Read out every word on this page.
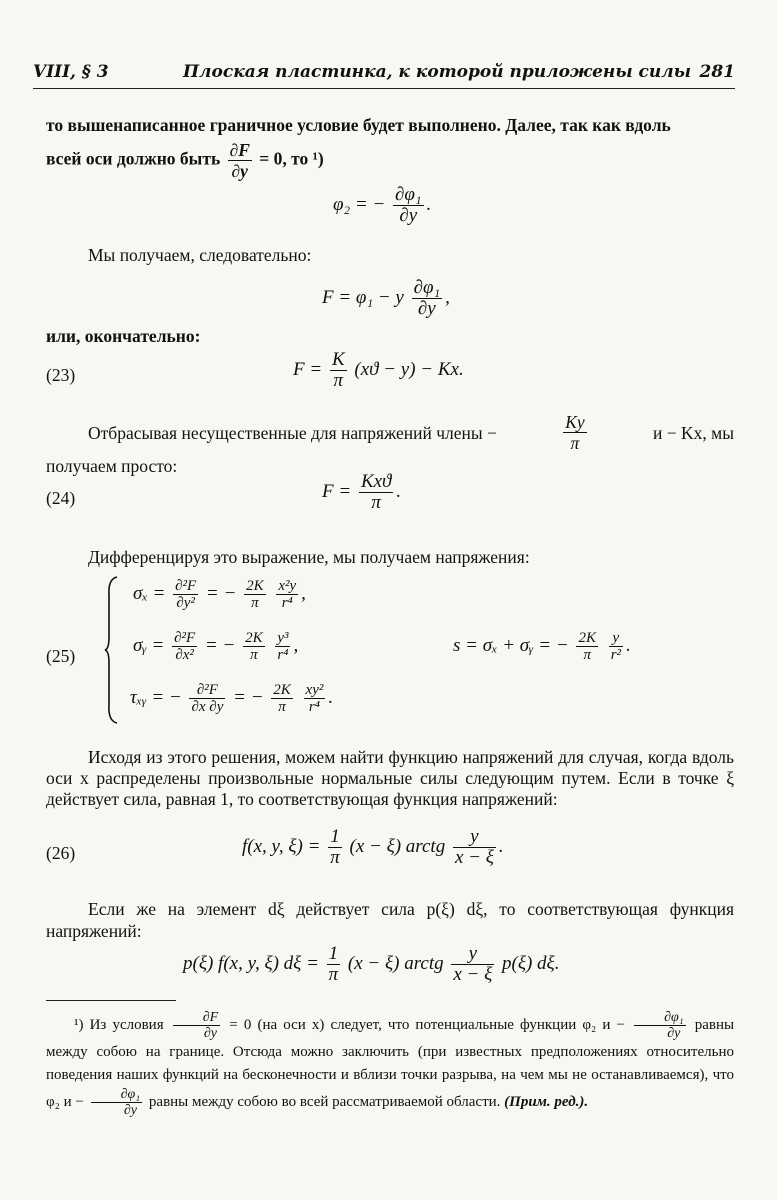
VIII, § 3	Плоская пластинка, к которой приложены силы 281
то вышенаписанное граничное условие будет выполнено. Далее, так как вдоль
всей оси должно быть $\frac{\partial F}{\partial y} = 0$, то ¹)
φ₂ = − $\frac{\text{∂φ₁}}{\partial y}$ .
Мы получаем, следовательно:
F = φ₁ − y $\frac{\text{∂φ₁}}{\partial y}$ ,
или, окончательно:
(23)	$F = \frac{K}{\pi} (xϑ - y) - Kx$.
Отбрасывая несущественные для напряжений члены −	$\frac{Ky}{\pi}$	и − Kx, мы
получаем просто:
(24)	$F = \frac{\text{Kxϑ}}{\pi}$ .
Дифференцируя это выражение, мы получаем напряжения:
(25)
$\sigma_x = \frac{\text{∂²F}}{\text{∂y²}}$ = − $\frac{2K}{\pi}$
$\frac{\text{x²y}}{\text{r⁴}}$ ,
σᵧ = $\frac{\text{∂²F}}{\text{∂x²}}$ = − $\frac{2K}{\pi}$
$\frac{\text{y³}}{\text{r⁴}}$ ,
τₓᵧ = − $\frac{\text{∂²F}}{\partial x \partial y}$ = − $\frac{2K}{\pi}$
$\frac{\text{xy²}}{\text{r⁴}}$ .
s = σₓ + σᵧ = − $\frac{2K}{\pi}$
$\frac{y}{\text{r²}}$ .
Исходя из этого решения, можем найти функцию напряжений для случая, когда вдоль оси x распределены произвольные нормальные силы следующим путем. Если в точке ξ действует сила, равная 1, то соответствующая функция напряжений:
(26)	f(x, y, $\xi) = \frac{1}{\pi} (x - \xi)$ arctg $\frac{y}{x - \xi}$ .
Если же на элемент dξ действует сила p(ξ) dξ, то соответствующая функция напряжений:
p(ξ) f(x, y, ξ) $d\xi = \frac{1}{\pi} (x - \xi)$ arctg $\frac{y}{x - \xi} p(\xi)$ dξ.
¹) Из условия $\frac{\partial F}{\partial y} = 0$ (на оси x) следует, что потенциальные функции φ₂ $и - \frac{\text{∂φ₁}}{\partial y}$ равны между собою на границе. Отсюда можно заключить (при известных предположениях относительно поведения наших функций на бесконечности и вблизи точки разрыва, на чем мы не останавливаемся), что φ₂ $и - \frac{\text{∂φ₁}}{\partial y}$ равны между собою во всей рассматриваемой области. (Прим. ред.).
